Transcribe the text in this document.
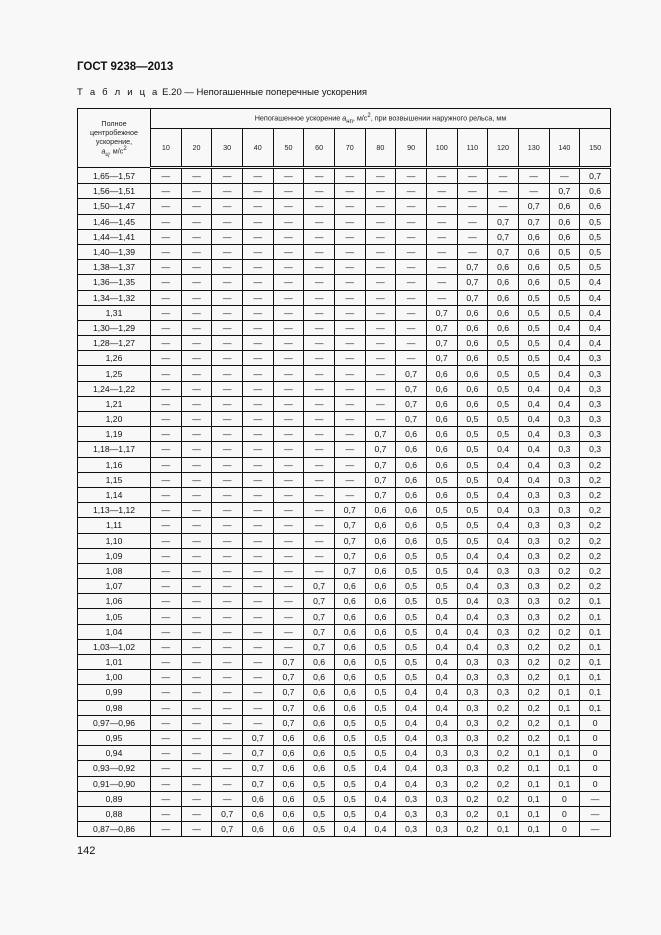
ГОСТ 9238—2013
Т а б л и ц а Е.20 — Непогашенные поперечные ускорения
Полное центробежное ускорение,
$a_ц$, $м/с^2$	Непогашенное ускорение $a_{нп}$, $м/с^2$, при возвышении наружного рельса, мм														
	10	20	30	40	50	60	70	80	90	100	110	120	130	140	150
1,65—1,57	—	—	—	—	—	—	—	—	—	—	—	—	—	—	0,7
1,56—1,51	—	—	—	—	—	—	—	—	—	—	—	—	—	0,7	0,6
1,50—1,47	—	—	—	—	—	—	—	—	—	—	—	—	0,7	0,6	0,6
1,46—1,45	—	—	—	—	—	—	—	—	—	—	—	0,7	0,7	0,6	0,5
1,44—1,41	—	—	—	—	—	—	—	—	—	—	—	0,7	0,6	0,6	0,5
1,40—1,39	—	—	—	—	—	—	—	—	—	—	—	0,7	0,6	0,5	0,5
1,38—1,37	—	—	—	—	—	—	—	—	—	—	0,7	0,6	0,6	0,5	0,5
1,36—1,35	—	—	—	—	—	—	—	—	—	—	0,7	0,6	0,6	0,5	0,4
1,34—1,32	—	—	—	—	—	—	—	—	—	—	0,7	0,6	0,5	0,5	0,4
1,31	—	—	—	—	—	—	—	—	—	0,7	0,6	0,6	0,5	0,5	0,4
1,30—1,29	—	—	—	—	—	—	—	—	—	0,7	0,6	0,6	0,5	0,4	0,4
1,28—1,27	—	—	—	—	—	—	—	—	—	0,7	0,6	0,5	0,5	0,4	0,4
1,26	—	—	—	—	—	—	—	—	—	0,7	0,6	0,5	0,5	0,4	0,3
1,25	—	—	—	—	—	—	—	—	0,7	0,6	0,6	0,5	0,5	0,4	0,3
1,24—1,22	—	—	—	—	—	—	—	—	0,7	0,6	0,6	0,5	0,4	0,4	0,3
1,21	—	—	—	—	—	—	—	—	0,7	0,6	0,6	0,5	0,4	0,4	0,3
1,20	—	—	—	—	—	—	—	—	0,7	0,6	0,5	0,5	0,4	0,3	0,3
1,19	—	—	—	—	—	—	—	0,7	0,6	0,6	0,5	0,5	0,4	0,3	0,3
1,18—1,17	—	—	—	—	—	—	—	0,7	0,6	0,6	0,5	0,4	0,4	0,3	0,3
1,16	—	—	—	—	—	—	—	0,7	0,6	0,6	0,5	0,4	0,4	0,3	0,2
1,15	—	—	—	—	—	—	—	0,7	0,6	0,5	0,5	0,4	0,4	0,3	0,2
1,14	—	—	—	—	—	—	—	0,7	0,6	0,6	0,5	0,4	0,3	0,3	0,2
1,13—1,12	—	—	—	—	—	—	0,7	0,6	0,6	0,5	0,5	0,4	0,3	0,3	0,2
1,11	—	—	—	—	—	—	0,7	0,6	0,6	0,5	0,5	0,4	0,3	0,3	0,2
1,10	—	—	—	—	—	—	0,7	0,6	0,6	0,5	0,5	0,4	0,3	0,2	0,2
1,09	—	—	—	—	—	—	0,7	0,6	0,5	0,5	0,4	0,4	0,3	0,2	0,2
1,08	—	—	—	—	—	—	0,7	0,6	0,5	0,5	0,4	0,3	0,3	0,2	0,2
1,07	—	—	—	—	—	0,7	0,6	0,6	0,5	0,5	0,4	0,3	0,3	0,2	0,2
1,06	—	—	—	—	—	0,7	0,6	0,6	0,5	0,5	0,4	0,3	0,3	0,2	0,1
1,05	—	—	—	—	—	0,7	0,6	0,6	0,5	0,4	0,4	0,3	0,3	0,2	0,1
1,04	—	—	—	—	—	0,7	0,6	0,6	0,5	0,4	0,4	0,3	0,2	0,2	0,1
1,03—1,02	—	—	—	—	—	0,7	0,6	0,5	0,5	0,4	0,4	0,3	0,2	0,2	0,1
1,01	—	—	—	—	0,7	0,6	0,6	0,5	0,5	0,4	0,3	0,3	0,2	0,2	0,1
1,00	—	—	—	—	0,7	0,6	0,6	0,5	0,5	0,4	0,3	0,3	0,2	0,1	0,1
0,99	—	—	—	—	0,7	0,6	0,6	0,5	0,4	0,4	0,3	0,3	0,2	0,1	0,1
0,98	—	—	—	—	0,7	0,6	0,6	0,5	0,4	0,4	0,3	0,2	0,2	0,1	0,1
0,97—0,96	—	—	—	—	0,7	0,6	0,5	0,5	0,4	0,4	0,3	0,2	0,2	0,1	0
0,95	—	—	—	0,7	0,6	0,6	0,5	0,5	0,4	0,3	0,3	0,2	0,2	0,1	0
0,94	—	—	—	0,7	0,6	0,6	0,5	0,5	0,4	0,3	0,3	0,2	0,1	0,1	0
0,93—0,92	—	—	—	0,7	0,6	0,6	0,5	0,4	0,4	0,3	0,3	0,2	0,1	0,1	0
0,91—0,90	—	—	—	0,7	0,6	0,5	0,5	0,4	0,4	0,3	0,2	0,2	0,1	0,1	0
0,89	—	—	—	0,6	0,6	0,5	0,5	0,4	0,3	0,3	0,2	0,2	0,1	0	—
0,88	—	—	0,7	0,6	0,6	0,5	0,5	0,4	0,3	0,3	0,2	0,1	0,1	0	—
0,87—0,86	—	—	0,7	0,6	0,6	0,5	0,4	0,4	0,3	0,3	0,2	0,1	0,1	0	—
142
